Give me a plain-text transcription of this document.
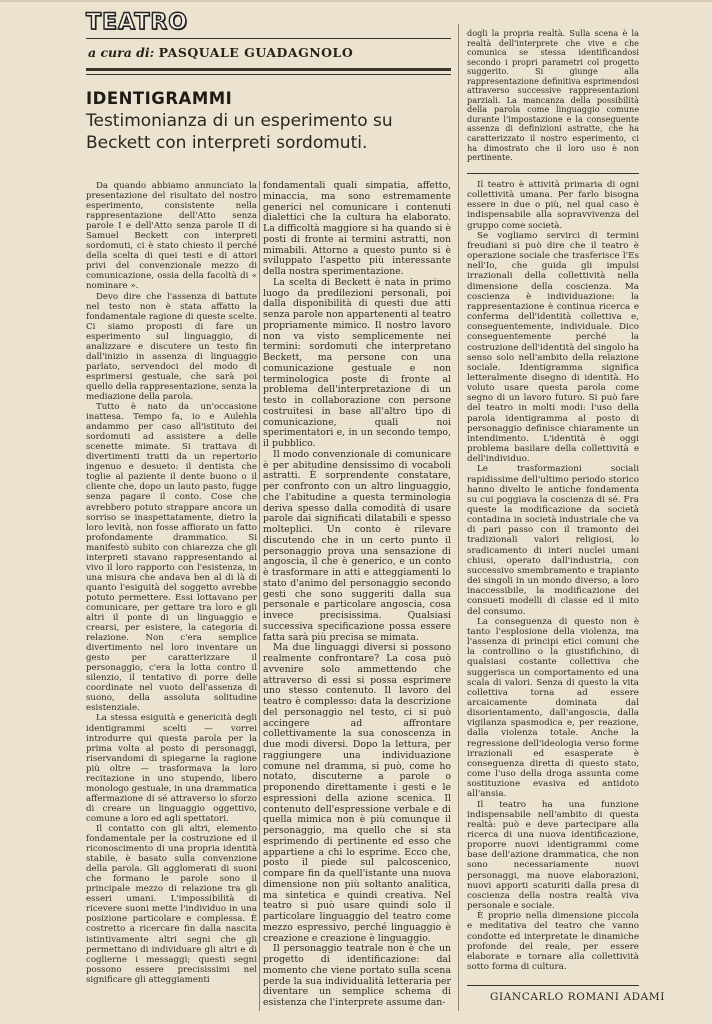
TEATRO
a cura di: PASQUALE GUADAGNOLO
IDENTIGRAMMI
Testimonianza di un esperimento su Beckett con interpreti sordomuti.

Da quando abbiamo annunciato la presentazione del risultato del nostro esperimento, consistente nella rappresentazione dell'Atto senza parole I e dell'Atto senza parole II di Samuel Beckett con interpreti sordomuti, ci è stato chiesto il perché della scelta di quei testi e di attori privi del convenzionale mezzo di comunicazione, ossia della facoltà di « nominare ».

Devo dire che l'assenza di battute nel testo non è stata affatto la fondamentale ragione di queste scelte. Ci siamo proposti di fare un esperimento sul linguaggio, di analizzare e discutere un testo fin dall'inizio in assenza di linguaggio parlato, servendoci del modo di esprimersi gestuale, che sarà poi quello della rappresentazione, senza la mediazione della parola.

Tutto è nato da un'occasione inattesa. Tempo fa, io e Aulehla andammo per caso all'istituto dei sordomuti ad assistere a delle scenette mimate. Si trattava di divertimenti tratti da un repertorio ingenuo e desueto: il dentista che toglie al paziente il dente buono o il cliente che, dopo un lauto pasto, fugge senza pagare il conto. Cose che avrebbero potuto strappare ancora un sorriso se inaspettatamente, dietro la loro levità, non fosse affiorato un fatto profondamente drammatico. Si manifestò subito con chiarezza che gli interpreti stavano rappresentando al vivo il loro rapporto con l'esistenza, in una misura che andava ben al di là di quanto l'esiguità del soggetto avrebbe potuto permettere. Essi lottavano per comunicare, per gettare tra loro e gli altri il ponte di un linguaggio e crearsi, per esistere, la categoria di relazione. Non c'era semplice divertimento nel loro inventare un gesto per caratterizzare il personaggio, c'era la lotta contro il silenzio, il tentativo di porre delle coordinate nel vuoto dell'assenza di suono, della assoluta solitudine esistenziale.

La stessa esiguità e genericità degli identigrammi scelti — vorrei introdurre qui questa parola per la prima volta al posto di personaggi, riservandomi di spiegarne la ragione più oltre — trasformava la loro recitazione in uno stupendo, libero monologo gestuale, in una drammatica affermazione di sé attraverso lo sforzo di creare un linguaggio oggettivo, comune a loro ed agli spettatori.

Il contatto con gli altri, elemento fondamentale per la costruzione ed il riconoscimento di una propria identità stabile, è basato sulla convenzione della parola. Gli agglomerati di suoni che formano le parole sono il principale mezzo di relazione tra gli esseri umani. L'impossibilità di ricevere suoni mette l'individuo in una posizione particolare e complessa. È costretto a ricercare fin dalla nascita istintivamente altri segni che gli permettano di individuare gli altri e di coglierne i messaggi; questi segni possono essere precisissimi nel significare gli atteggiamenti

fondamentali quali simpatia, affetto, minaccia, ma sono estremamente generici nel comunicare i contenuti dialettici che la cultura ha elaborato. La difficoltà maggiore si ha quando si è posti di fronte ai termini astratti, non mimabili. Attorno a questo punto si è sviluppato l'aspetto più interessante della nostra sperimentazione.

La scelta di Beckett è nata in primo luogo da predilezioni personali, poi dalla disponibilità di questi due atti senza parole non appartenenti al teatro propriamente mimico. Il nostro lavoro non va visto semplicemente nei termini: sordomuti che interpretano Beckett, ma persone con una comunicazione gestuale e non terminologica poste di fronte al problema dell'interpretazione di un testo in collaborazione con persone costruitesi in base all'altro tipo di comunicazione, quali noi sperimentatori e, in un secondo tempo, il pubblico.

Il modo convenzionale di comunicare è per abitudine densissimo di vocaboli astratti. È sorprendente constatare, per confronto con un altro linguaggio, che l'abitudine a questa terminologia deriva spesso dalla comodità di usare parole dai significati dilatabili e spesso molteplici. Un conto è rilevare discutendo che in un certo punto il personaggio prova una sensazione di angoscia, il che è generico, e un conto è trasformare in atti e atteggiamenti lo stato d'animo del personaggio secondo gesti che sono suggeriti dalla sua personale e particolare angoscia, cosa invece precisissima. Qualsiasi successiva specificazione possa essere fatta sarà più precisa se mimata.

Ma due linguaggi diversi si possono realmente confrontare? La cosa può avvenire solo ammettendo che attraverso di essi si possa esprimere uno stesso contenuto. Il lavoro del teatro è complesso: data la descrizione del personaggio nel testo, ci si può accingere ad affrontare collettivamente la sua conoscenza in due modi diversi. Dopo la lettura, per raggiungere una individuazione comune nel dramma, si può, come ho notato, discuterne a parole o proponendo direttamente i gesti e le espressioni della azione scenica. Il contenuto dell'espressione verbale e di quella mimica non è più comunque il personaggio, ma quello che si sta esprimendo di pertinente ed esso che appartiene a chi lo esprime. Ecco che, posto il piede sul palcoscenico, compare fin da quell'istante una nuova dimensione non più soltanto analitica, ma sintetica e quindi creativa. Nel teatro si può usare quindi solo il particolare linguaggio del teatro come mezzo espressivo, perché linguaggio è creazione e creazione è linguaggio.

Il personaggio teatrale non è che un progetto di identificazione: dal momento che viene portato sulla scena perde la sua individualità letteraria per diventare un semplice schema di esistenza che l'interprete assume dan-

dogli la propria realtà. Sulla scena è la realtà dell'interprete che vive e che comunica se stessa identificandosi secondo i propri parametri col progetto suggerito. Si giunge alla rappresentazione definitiva esprimendosi attraverso successive rappresentazioni parziali. La mancanza della possibilità della parola come linguaggio comune durante l'impostazione e la conseguente assenza di definizioni astratte, che ha caratterizzato il nostro esperimento, ci ha dimostrato che il loro uso è non pertinente.

Il teatro è attività primaria di ogni collettività umana. Per farlo bisogna essere in due o più, nel qual caso è indispensabile alla sopravvivenza del gruppo come società.

Se vogliamo servirci di termini freudiani si può dire che il teatro è operazione sociale che trasferisce l'Es nell'Io, che guida gli impulsi irrazionali della collettività nella dimensione della coscienza. Ma coscienza è individuazione: la rappresentazione è continua ricerca e conferma dell'identità collettiva e, conseguentemente, individuale. Dico conseguentemente perché la costruzione dell'identità del singolo ha senso solo nell'ambito della relazione sociale. Identigramma significa letteralmente disegno di identità. Ho voluto usare questa parola come segno di un lavoro futuro. Si può fare del teatro in molti modi: l'uso della parola identigramma al posto di personaggio definisce chiaramente un intendimento. L'identità è oggi problema basilare della collettività e dell'individuo.

Le trasformazioni sociali rapidissime dell'ultimo periodo storico hanno divelto le antiche fondamenta su cui poggiava la coscienza di sé. Fra queste la modificazione da società contadina in società industriale che va di pari passo con il tramonto dei tradizionali valori religiosi, lo sradicamento di interi nuclei umani chiusi, operato dall'industria, con successivo smembramento e trapianto dei singoli in un mondo diverso, a loro inaccessibile, la modificazione dei consueti modelli di classe ed il mito del consumo.

La conseguenza di questo non è tanto l'esplosione della violenza, ma l'assenza di principi etici comuni che la controllino o la giustifichino, di qualsiasi costante collettiva che suggerisca un comportamento ed una scala di valori. Senza di questo la vita collettiva torna ad essere arcaicamente dominata dal disorientamento, dall'angoscia, dalla vigilanza spasmodica e, per reazione, dalla violenza totale. Anche la regressione dell'ideologia verso forme irrazionali ed esasperate è conseguenza diretta di questo stato, come l'uso della droga assunta come sostituzione evasiva ed antidoto all'ansia.

Il teatro ha una funzione indispensabile nell'ambito di questa realtà: può e deve partecipare alla ricerca di una nuova identificazione, proporre nuovi identigrammi come base dell'azione drammatica, che non sono necessariamente nuovi personaggi, ma nuove elaborazioni, nuovi apporti scaturiti dalla presa di coscienza della nostra realtà viva personale e sociale.

È proprio nella dimensione piccola e meditativa del teatro che vanno condotte ed interpretate le dinamiche profonde del reale, per essere elaborate e tornare alla collettività sotto forma di cultura.

GIANCARLO ROMANI ADAMI
